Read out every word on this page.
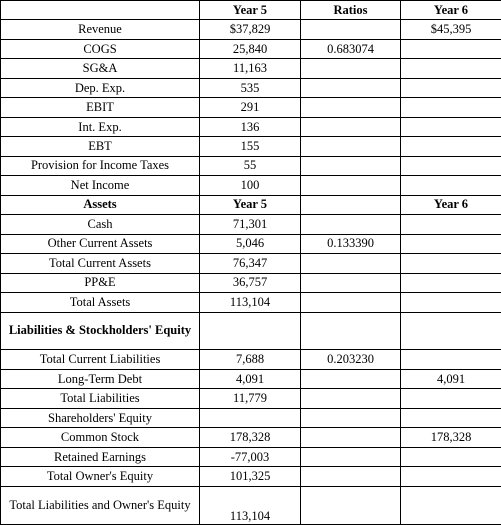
	Year 5	Ratios	Year 6
Revenue	$37,829		$45,395
COGS	25,840	0.683074	
SG&A	11,163		
Dep. Exp.	535		
EBIT	291		
Int. Exp.	136		
EBT	155		
Provision for Income Taxes	55		
Net Income	100		
Assets	Year 5		Year 6
Cash	71,301		
Other Current Assets	5,046	0.133390	
Total Current Assets	76,347		
PP&E	36,757		
Total Assets	113,104		
Liabilities & Stockholders' Equity			
Total Current Liabilities	7,688	0.203230	
Long-Term Debt	4,091		4,091
Total Liabilities	11,779		
Shareholders' Equity			
Common Stock	178,328		178,328
Retained Earnings	-77,003		
Total Owner's Equity	101,325		
Total Liabilities and Owner's Equity	113,104		
